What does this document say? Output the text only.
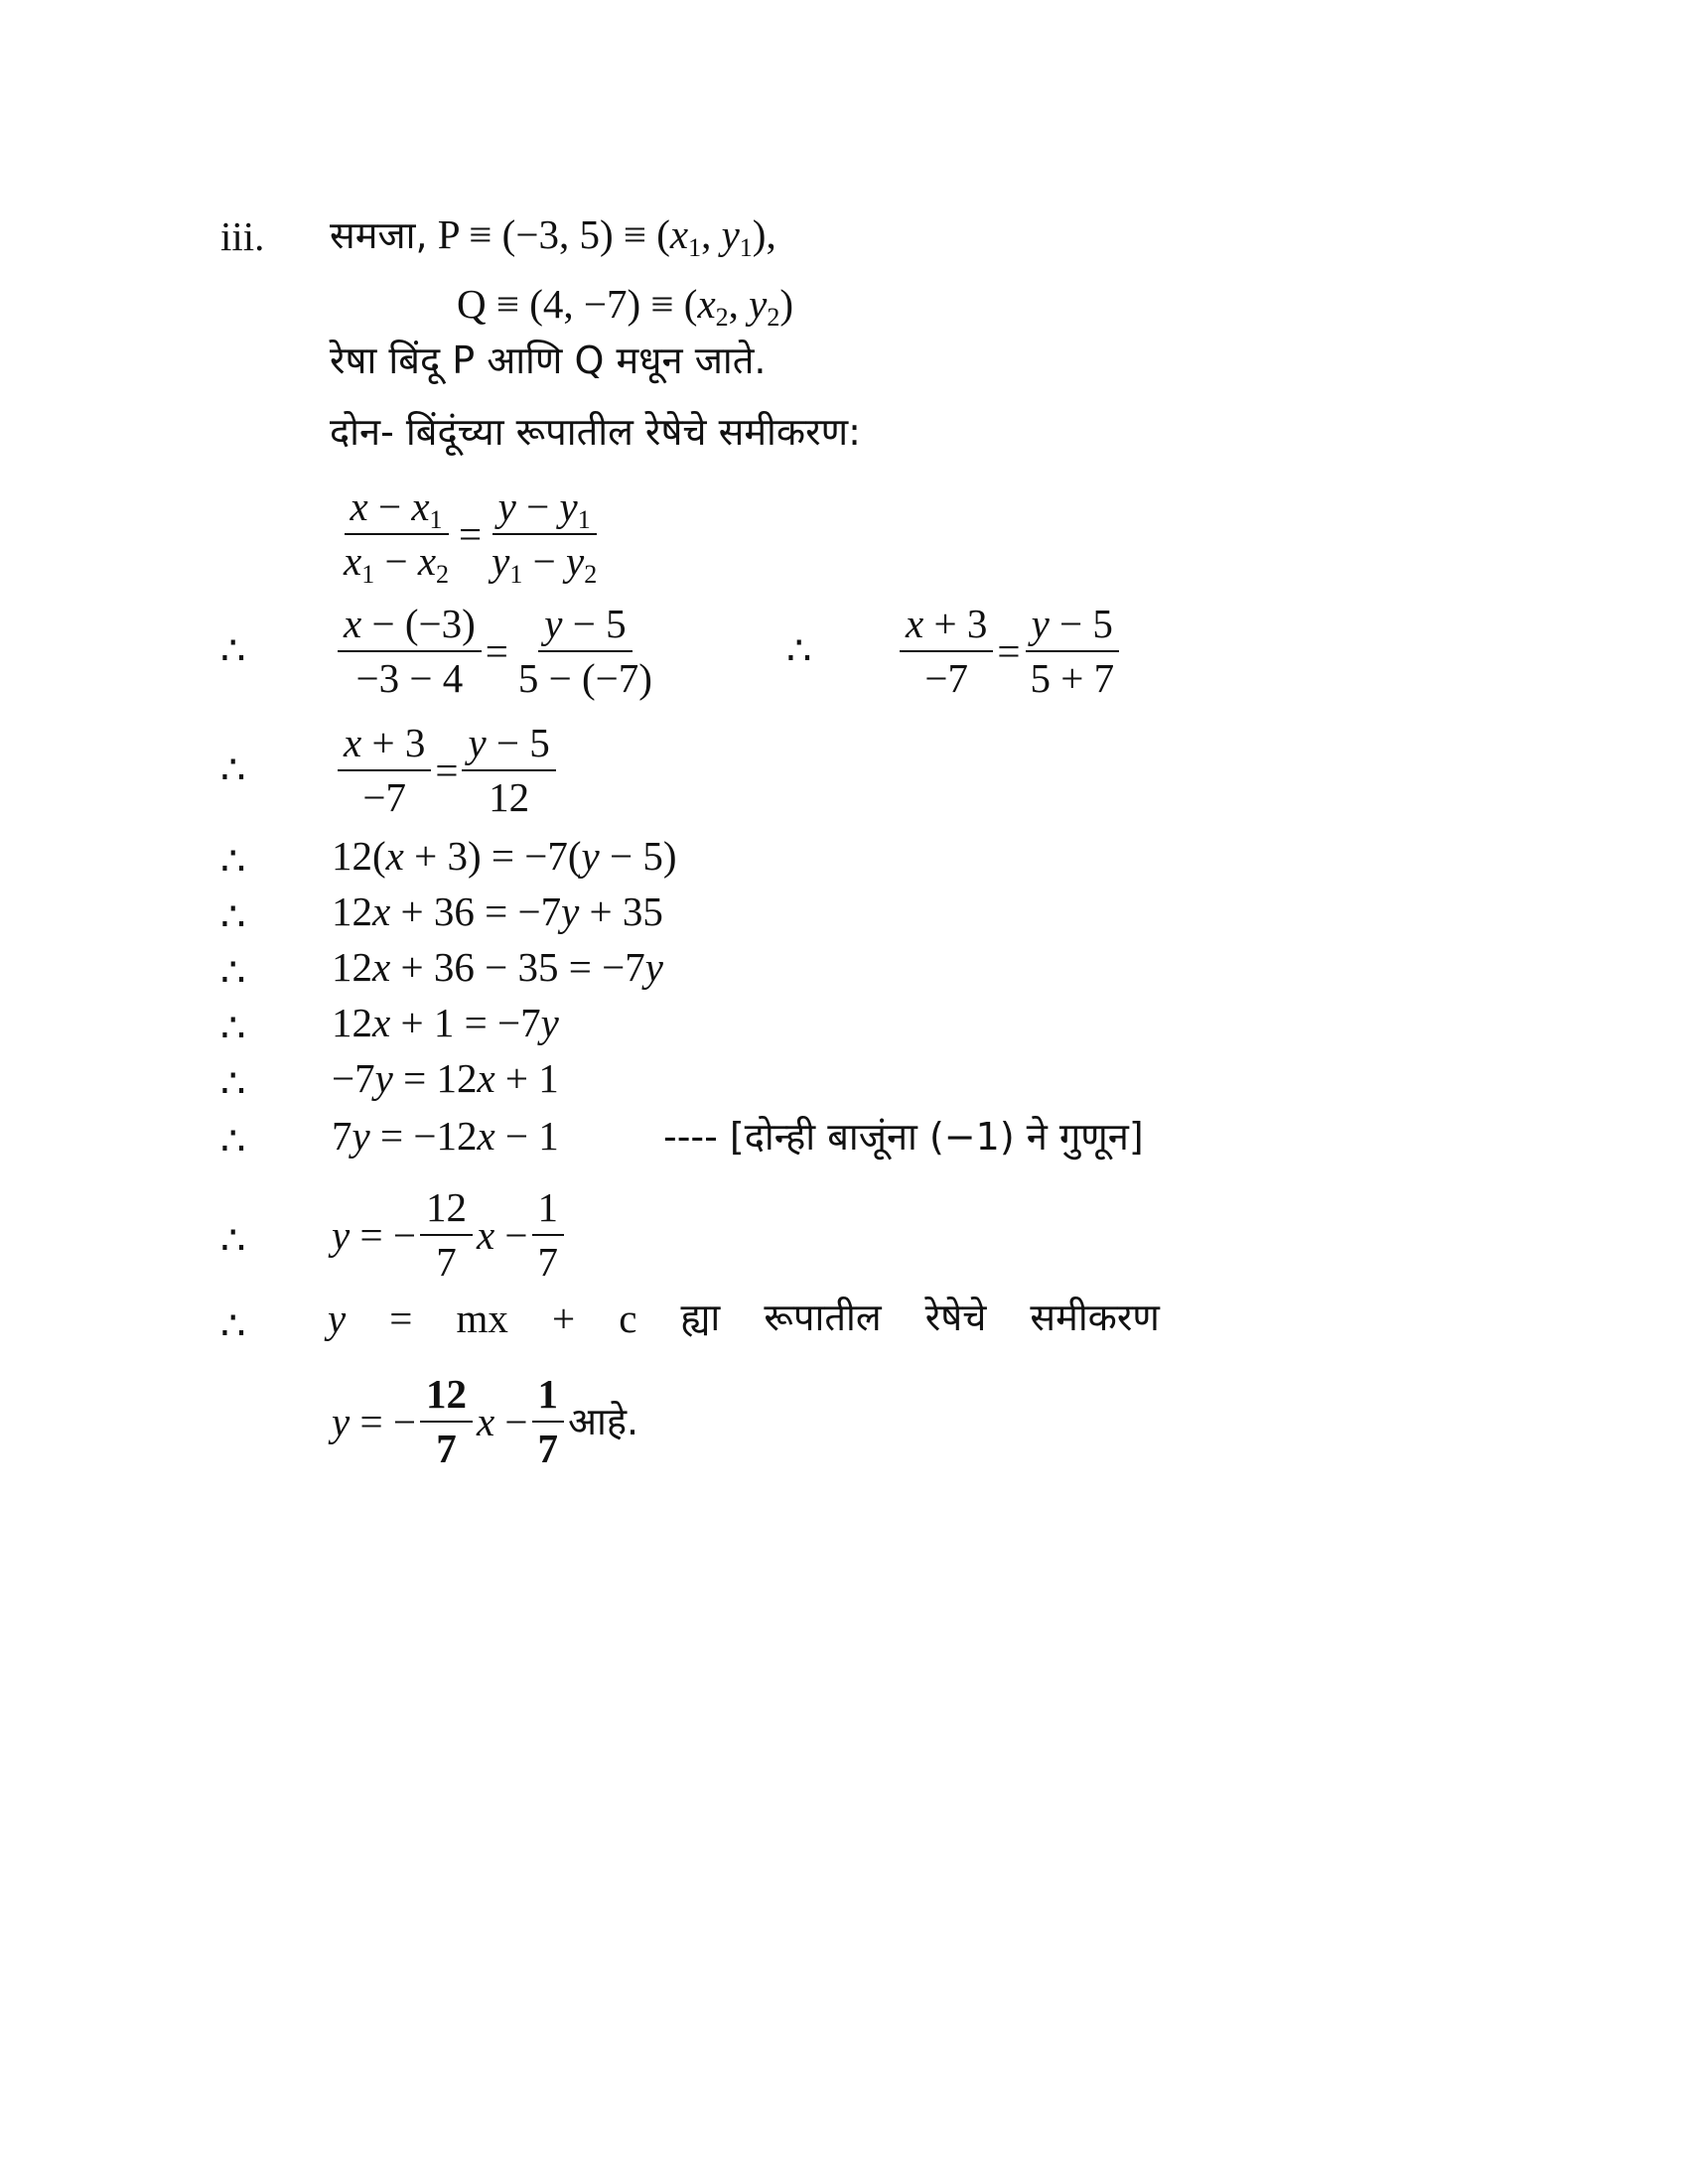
iii. समजा, P ≡ (−3, $5) \equiv (x_1$, $y_1$),
Q ≡ (4, $-7) \equiv (x_2$, $y_2$)
रेषा बिंदू P आणि Q मधून जाते.
दोन- बिंदूंच्या रूपातील रेषेचे समीकरण:
$\frac{x - x_1}{x_1 - x_2} = \frac{y - y_1}{y_1 - y_2}$
∴ $\frac{x - (-3)}{-3 - 4} = \frac{y - 5}{5 - (-7)}$	∴ $\frac{x + 3}{-7} = \frac{y - 5}{5 + 7}$
∴ $\frac{x + 3}{-7} = \frac{y - 5}{12}$
∴ 12(x + 3) = −7(y − 5)
∴ 12x + 36 = −7y + 35
∴ 12x + 36 − 35 = −7y
∴ 12x + 1 = −7y
∴ −7y = 12x + 1
∴ 7y = −12x − 1	---- [दोन्ही बाजूंना (−1) ने गुणून]
∴ y = − $\frac{12}{7}$ $x - \frac{1}{7}$
∴ y = mx + c ह्या रूपातील रेषेचे समीकरण
y = − $\frac{12}{7}$ $x - \frac{1}{7}$ आहे.
